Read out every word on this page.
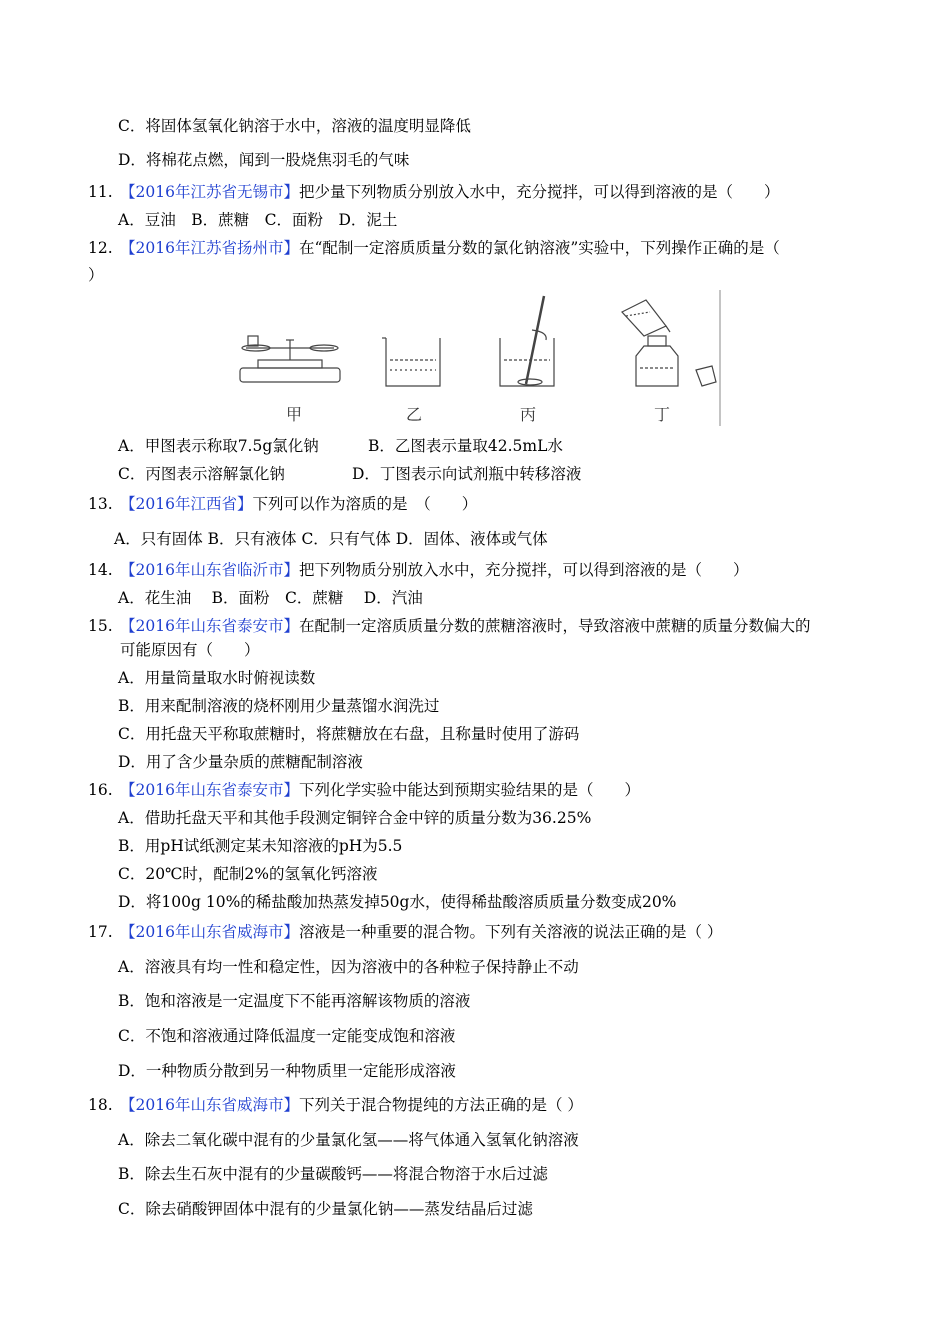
C．将固体氢氧化钠溶于水中，溶液的温度明显降低
D．将棉花点燃，闻到一股烧焦羽毛的气味
11. 【2016年江苏省无锡市】把少量下列物质分别放入水中，充分搅拌，可以得到溶液的是（　　）
A．豆油　B．蔗糖　C．面粉　D．泥土
12. 【2016年江苏省扬州市】在“配制一定溶质质量分数的氯化钠溶液”实验中，下列操作正确的是（
）
甲	乙	丙	丁
A．甲图表示称取7.5g氯化钠	B．乙图表示量取42.5mL水
C．丙图表示溶解氯化钠	D．丁图表示向试剂瓶中转移溶液
13. 【2016年江西省】下列可以作为溶质的是　（　　）
A．只有固体 B．只有液体 C．只有气体 D．固体、液体或气体
14. 【2016年山东省临沂市】把下列物质分别放入水中，充分搅拌，可以得到溶液的是（　　）
A．花生油　 B．面粉　C．蔗糖　 D．汽油
15. 【2016年山东省泰安市】在配制一定溶质质量分数的蔗糖溶液时，导致溶液中蔗糖的质量分数偏大的
可能原因有（　　）
A．用量筒量取水时俯视读数
B．用来配制溶液的烧杯刚用少量蒸馏水润洗过
C．用托盘天平称取蔗糖时，将蔗糖放在右盘，且称量时使用了游码
D．用了含少量杂质的蔗糖配制溶液
16. 【2016年山东省泰安市】下列化学实验中能达到预期实验结果的是（　　）
A．借助托盘天平和其他手段测定铜锌合金中锌的质量分数为36.25%
B．用pH试纸测定某未知溶液的pH为5.5
C．20℃时，配制2%的氢氧化钙溶液
D．将100g 10%的稀盐酸加热蒸发掉50g水，使得稀盐酸溶质质量分数变成20%
17. 【2016年山东省威海市】溶液是一种重要的混合物。下列有关溶液的说法正确的是（ ）
A．溶液具有均一性和稳定性，因为溶液中的各种粒子保持静止不动
B．饱和溶液是一定温度下不能再溶解该物质的溶液
C．不饱和溶液通过降低温度一定能变成饱和溶液
D．一种物质分散到另一种物质里一定能形成溶液
18. 【2016年山东省威海市】下列关于混合物提纯的方法正确的是（ ）
A．除去二氧化碳中混有的少量氯化氢——将气体通入氢氧化钠溶液
B．除去生石灰中混有的少量碳酸钙——将混合物溶于水后过滤
C．除去硝酸钾固体中混有的少量氯化钠——蒸发结晶后过滤
